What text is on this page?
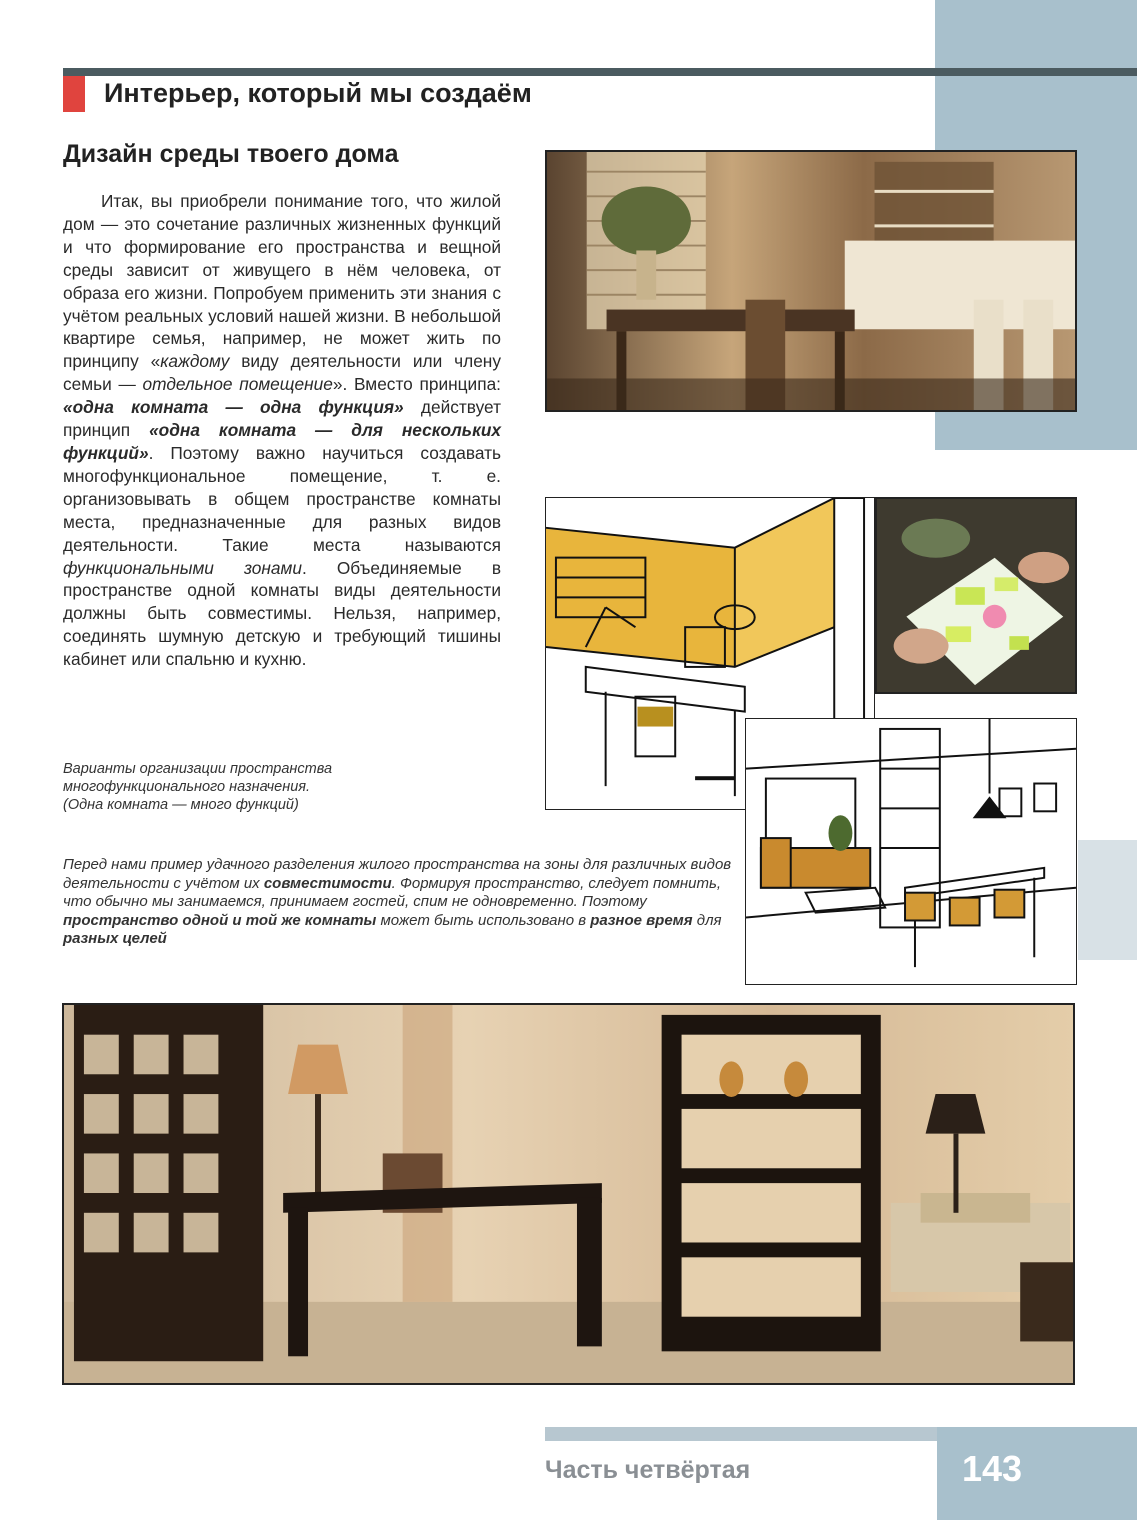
Интерьер, который мы создаём
Дизайн среды твоего дома

Итак, вы приобрели понимание того, что жилой дом — это сочетание различных жизненных функций и что формирование его пространства и вещной среды зависит от живущего в нём человека, от образа его жизни. Попробуем применить эти знания с учётом реальных условий нашей жизни. В небольшой квартире семья, например, не может жить по принципу «каждому виду деятельности или члену семьи — отдельное помещение». Вместо принципа: «одна комната — одна функция» действует принцип «одна комната — для нескольких функций». Поэтому важно научиться создавать многофункциональное помещение, т. е. организовывать в общем пространстве комнаты места, предназначенные для разных видов деятельности. Такие места называются функциональными зонами. Объединяемые в пространстве одной комнаты виды деятельности должны быть совместимы. Нельзя, например, соединять шумную детскую и требующий тишины кабинет или спальню и кухню.

Варианты организации пространства
многофункционального назначения.
(Одна комната — много функций)

Перед нами пример удачного разделения жилого пространства на зоны для различных видов деятельности с учётом их совместимости. Формируя пространство, следует помнить, что обычно мы занимаемся, принимаем гостей, спим не одновременно. Поэтому пространство одной и той же комнаты может быть использовано в разное время для разных целей

Часть четвёртая	143
